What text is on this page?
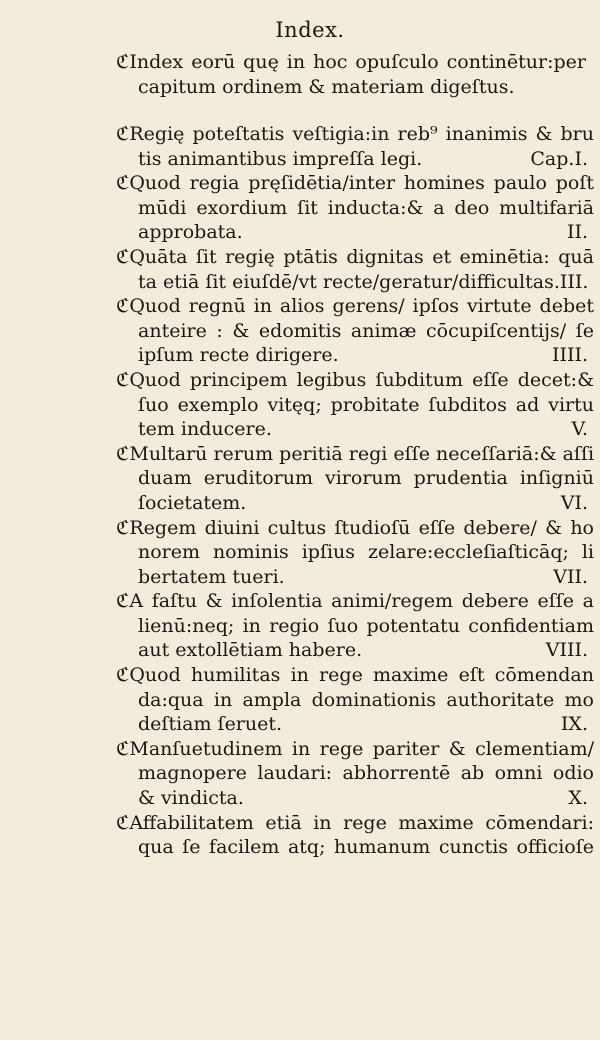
Index.
ℭIndex eorū quę in hoc opuſculo continētur:per
capitum ordinem & materiam digeſtus.
ℭRegię poteſtatis veſtigia:in reb⁹ inanimis & bru
tis animantibus impreſſa legi.	Cap.I.
ℭQuod regia pręſidētia/inter homines paulo poſt
mūdi exordium ſit inducta:& a deo multifariā
approbata.	II.
ℭQuāta ſit regię ptātis dignitas et eminētia: quā
ta etiā ſit eiuſdē/vt recte/geratur/difficultas. III.
ℭQuod regnū in alios gerens/ ipſos virtute debet
anteire : & edomitis animæ cōcupiſcentijs/ ſe
ipſum recte dirigere.	IIII.
ℭQuod principem legibus ſubditum eſſe decet:&
ſuo exemplo vitęq; probitate ſubditos ad virtu
tem inducere.	V.
ℭMultarū rerum peritiā regi eſſe neceſſariā:& aſſi
duam eruditorum virorum prudentia inſigniū
ſocietatem.	VI.
ℭRegem diuini cultus ſtudioſū eſſe debere/ & ho
norem nominis ipſius zelare:eccleſiaſticāq; li
bertatem tueri.	VII.
ℭA faſtu & inſolentia animi/regem debere eſſe a
lienū:neq; in regio ſuo potentatu confidentiam
aut extollētiam habere.	VIII.
ℭQuod humilitas in rege maxime eſt cōmendan
da:qua in ampla dominationis authoritate mo
deſtiam ſeruet.	IX.
ℭManſuetudinem in rege pariter & clementiam/
magnopere laudari: abhorrentē ab omni odio
& vindicta.	X.
ℭAffabilitatem etiā in rege maxime cōmendari:
qua ſe facilem atq; humanum cunctis officioſe
